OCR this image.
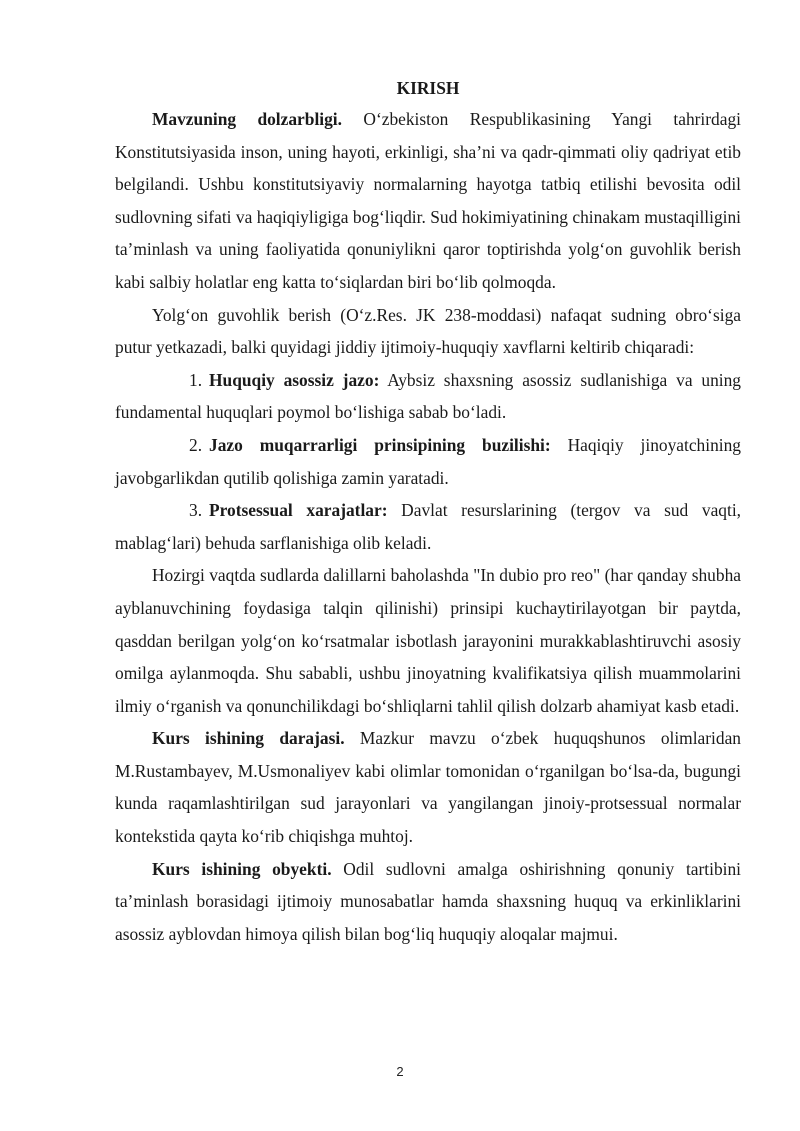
KIRISH

Mavzuning dolzarbligi. O‘zbekiston Respublikasining Yangi tahrirdagi Konstitutsiyasida inson, uning hayoti, erkinligi, sha’ni va qadr-qimmati oliy qadriyat etib belgilandi. Ushbu konstitutsiyaviy normalarning hayotga tatbiq etilishi bevosita odil sudlovning sifati va haqiqiyligiga bog‘liqdir. Sud hokimiyatining chinakam mustaqilligini ta’minlash va uning faoliyatida qonuniylikni qaror toptirishda yolg‘on guvohlik berish kabi salbiy holatlar eng katta to‘siqlardan biri bo‘lib qolmoqda.

Yolg‘on guvohlik berish (O‘z.Res. JK 238-moddasi) nafaqat sudning obro‘siga putur yetkazadi, balki quyidagi jiddiy ijtimoiy-huquqiy xavflarni keltirib chiqaradi:

1. Huquqiy asossiz jazo: Aybsiz shaxsning asossiz sudlanishiga va uning fundamental huquqlari poymol bo‘lishiga sabab bo‘ladi.

2. Jazo muqarrarligi prinsipining buzilishi: Haqiqiy jinoyatchining javobgarlikdan qutilib qolishiga zamin yaratadi.

3. Protsessual xarajatlar: Davlat resurslarining (tergov va sud vaqti, mablag‘lari) behuda sarflanishiga olib keladi.

Hozirgi vaqtda sudlarda dalillarni baholashda "In dubio pro reo" (har qanday shubha ayblanuvchining foydasiga talqin qilinishi) prinsipi kuchaytirilayotgan bir paytda, qasddan berilgan yolg‘on ko‘rsatmalar isbotlash jarayonini murakkablashtiruvchi asosiy omilga aylanmoqda. Shu sababli, ushbu jinoyatning kvalifikatsiya qilish muammolarini ilmiy o‘rganish va qonunchilikdagi bo‘shliqlarni tahlil qilish dolzarb ahamiyat kasb etadi.

Kurs ishining darajasi. Mazkur mavzu o‘zbek huquqshunos olimlaridan M.Rustambayev, M.Usmonaliyev kabi olimlar tomonidan o‘rganilgan bo‘lsa-da, bugungi kunda raqamlashtirilgan sud jarayonlari va yangilangan jinoiy-protsessual normalar kontekstida qayta ko‘rib chiqishga muhtoj.

Kurs ishining obyekti. Odil sudlovni amalga oshirishning qonuniy tartibini ta’minlash borasidagi ijtimoiy munosabatlar hamda shaxsning huquq va erkinliklarini asossiz ayblovdan himoya qilish bilan bog‘liq huquqiy aloqalar majmui.

2
